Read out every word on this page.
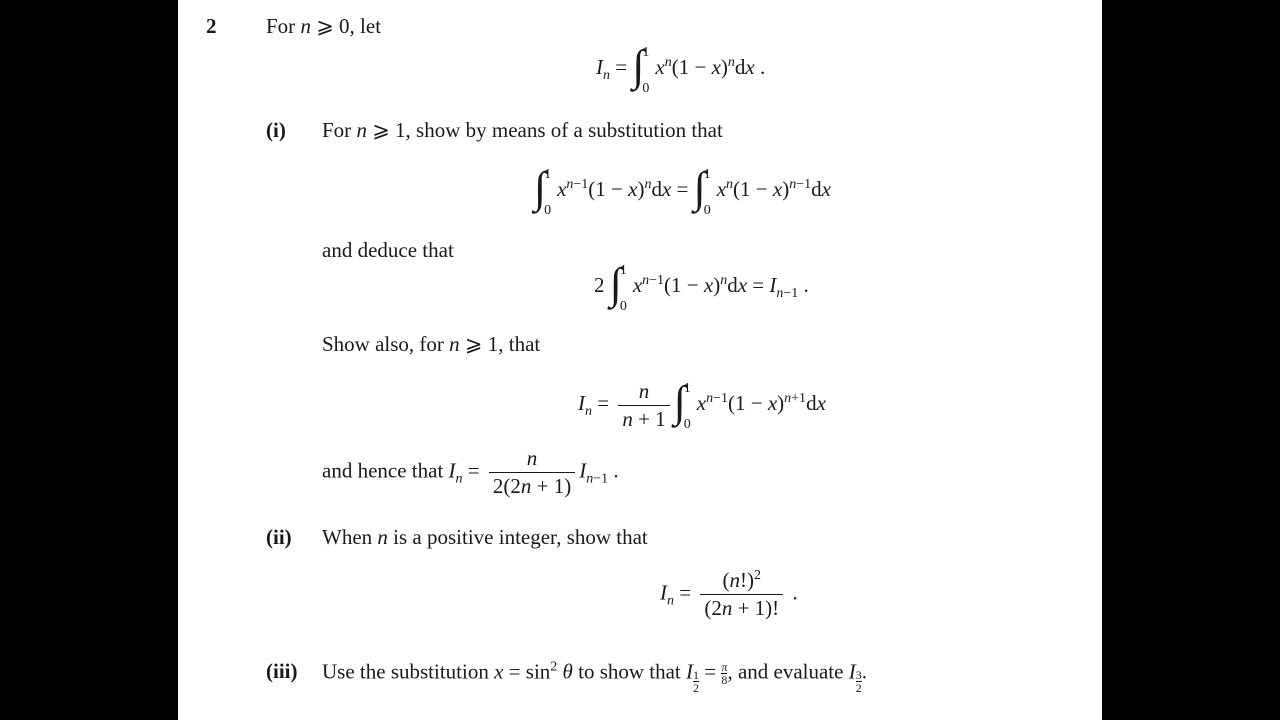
2 For n ⩾ 0, let
$I_n$ = ∫
1
0
$x^n(1 - x)^ndx$ .
(i) For n ⩾ 1, show by means of a substitution that
∫
1
0
$x^{n-1}(1 - x)^ndx$ = ∫
1
0
$x^n(1 - x)^{n-1}dx$
and deduce that
2 ∫
1
0
$x^{n-1}(1 - x)^ndx = I_{n-1}$ .
Show also, for n ⩾ 1, that
$I_n = \frac{n}{n + 1}$ ∫
1
0
$x^{n-1}(1 - x)^{n+1}dx$
and hence that $I_n = \frac{n}{2(2n + 1)} I_{n-1}$ .
(ii) When n is a positive integer, show that
$I_n = \frac{(n!)^2}{(2n + 1)!}$ .
(iii) Use the substitution $x = \sin^2 \theta$ to show that I $\frac{1}{2} = \frac{\pi}{8}$ , and evaluate I $\frac{3}{2}$ .
